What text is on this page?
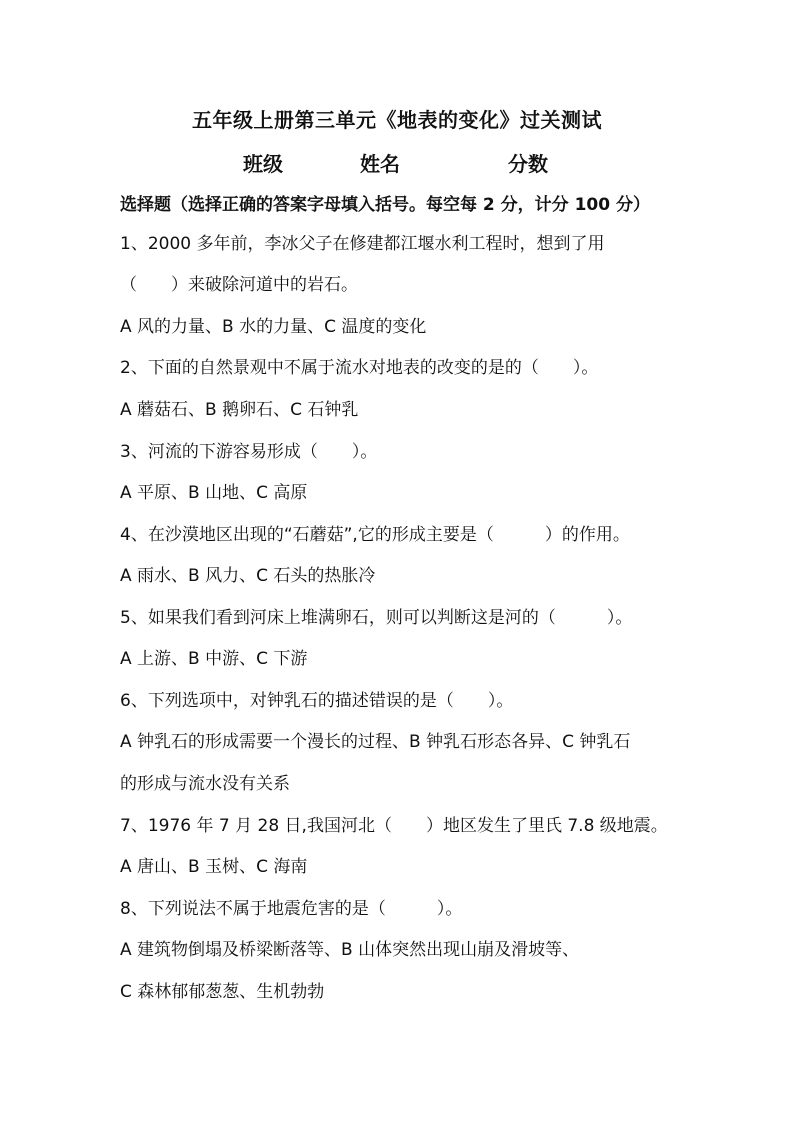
五年级上册第三单元《地表的变化》过关测试
班级	姓名	分数
选择题（选择正确的答案字母填入括号。每空每 2 分，计分 100 分）
1、2000 多年前，李冰父子在修建都江堰水利工程时，想到了用
（　　）来破除河道中的岩石。
A 风的力量、B 水的力量、C 温度的变化
2、下面的自然景观中不属于流水对地表的改变的是的（　　）。
A 蘑菇石、B 鹅卵石、C 石钟乳
3、河流的下游容易形成（　　）。
A 平原、B 山地、C 高原
4、在沙漠地区出现的“石蘑菇”,它的形成主要是（　　　）的作用。
A 雨水、B 风力、C 石头的热胀冷
5、如果我们看到河床上堆满卵石，则可以判断这是河的（　　　）。
A 上游、B 中游、C 下游
6、下列选项中，对钟乳石的描述错误的是（　　）。
A 钟乳石的形成需要一个漫长的过程、B 钟乳石形态各异、C 钟乳石
的形成与流水没有关系
7、1976 年 7 月 28 日,我国河北（　　）地区发生了里氏 7.8 级地震。
A 唐山、B 玉树、C 海南
8、下列说法不属于地震危害的是（　　　）。
A 建筑物倒塌及桥梁断落等、B 山体突然出现山崩及滑坡等、
C 森林郁郁葱葱、生机勃勃
